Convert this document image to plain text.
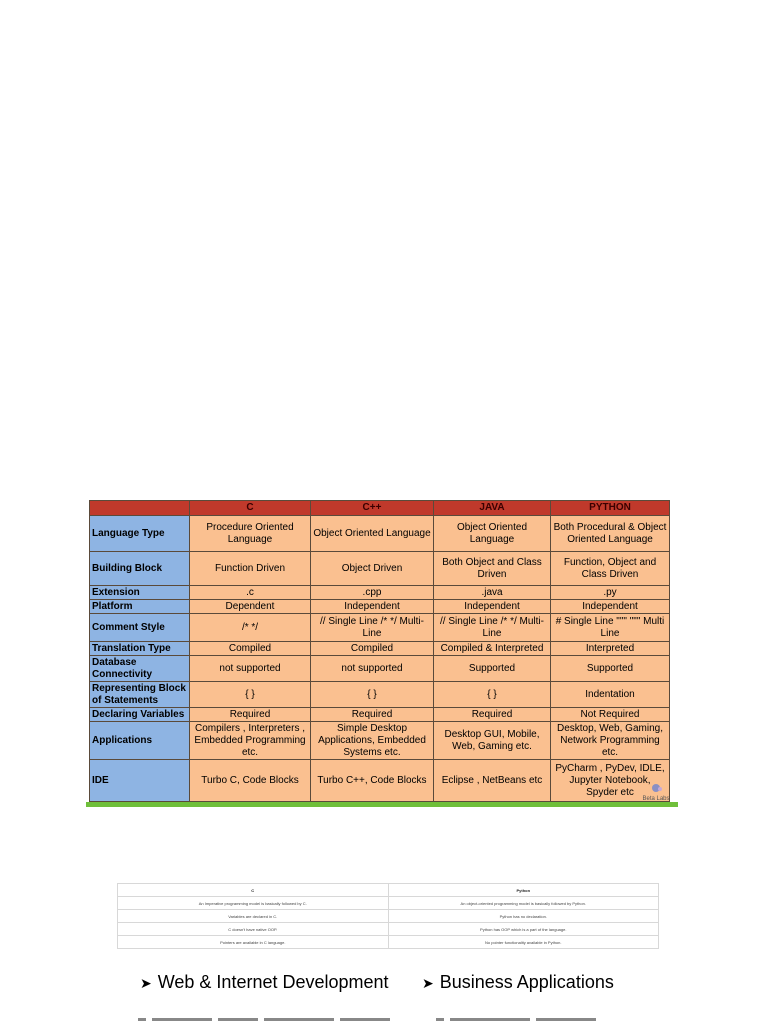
	C	C++	JAVA	PYTHON
Language Type	Procedure Oriented Language	Object Oriented Language	Object Oriented Language	Both Procedural & Object Oriented Language
Building Block	Function Driven	Object Driven	Both Object and Class Driven	Function, Object and Class Driven
Extension	.c	.cpp	.java	.py
Platform	Dependent	Independent	Independent	Independent
Comment Style	/* */	// Single Line /* */ Multi-Line	// Single Line /* */ Multi-Line	# Single Line """ """ Multi Line
Translation Type	Compiled	Compiled	Compiled & Interpreted	Interpreted
Database Connectivity	not supported	not supported	Supported	Supported
Representing Block of Statements	{ }	{ }	{ }	Indentation
Declaring Variables	Required	Required	Required	Not Required
Applications	Compilers , Interpreters , Embedded Programming etc.	Simple Desktop Applications, Embedded Systems etc.	Desktop GUI, Mobile, Web, Gaming etc.	Desktop, Web, Gaming, Network Programming etc.
IDE	Turbo C, Code Blocks	Turbo C++, Code Blocks	Eclipse , NetBeans etc	PyCharm , PyDev, IDLE, Jupyter Notebook, Spyder etc
Beta Labs
C	Python
An Imperative programming model is basically followed by C.	An object-oriented programming model is basically followed by Python.
Variables are declared in C.	Python has no declaration.
C doesn't have native OOP.	Python has OOP which is a part of the language.
Pointers are available in C language.	No pointer functionality available in Python.
➤ Web & Internet Development ➤ Business Applications
